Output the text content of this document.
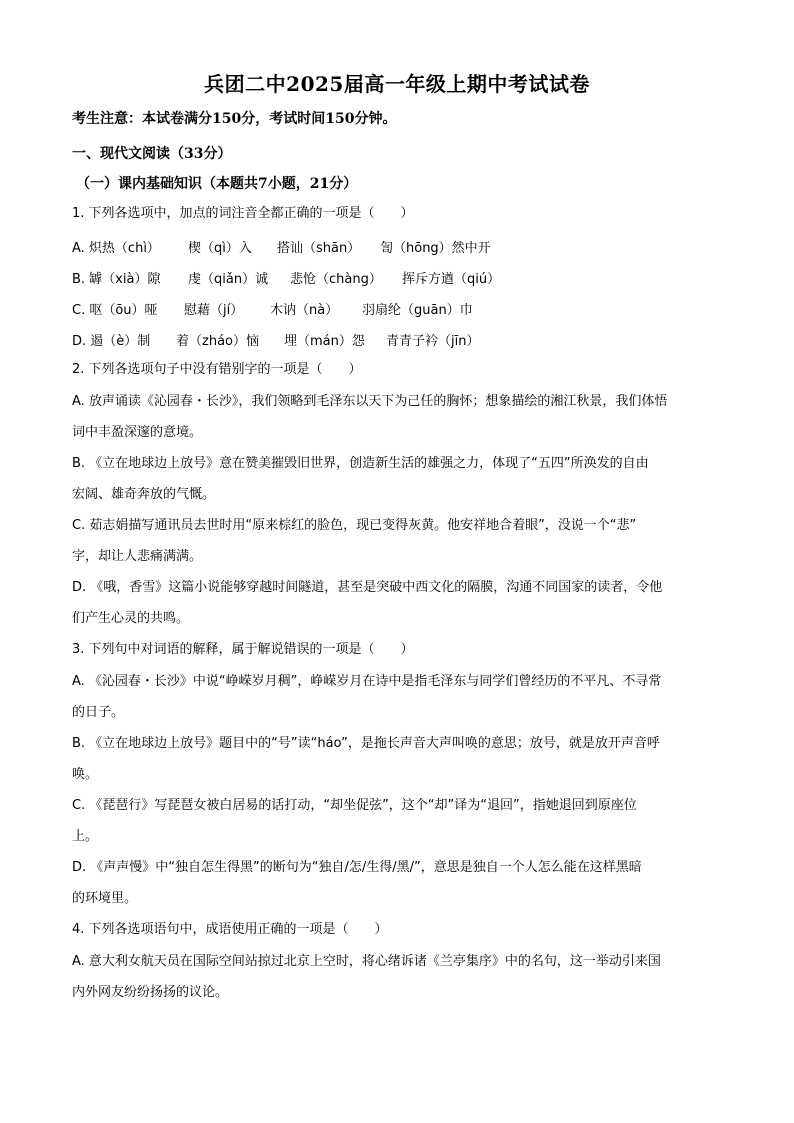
兵团二中2025届高一年级上期中考试试卷
考生注意：本试卷满分150分，考试时间150分钟。
一、现代文阅读（33分）
（一）课内基础知识（本题共7小题，21分）
1. 下列各选项中，加点的词注音全都正确的一项是（　　）
A. 炽热（chì） 楔（qì）入 搭讪（shān） 訇（hōng）然中开
B. 罅（xià）隙 虔（qiǎn）诚 悲怆（chàng） 挥斥方遒（qiú）
C. 呕（ōu）哑 慰藉（jí） 木讷（nà） 羽扇纶（guān）巾
D. 遏（è）制 着（zháo）恼 埋（mán）怨 青青子衿（jīn）
2. 下列各选项句子中没有错别字的一项是（　　）
A. 放声诵读《沁园春・长沙》，我们领略到毛泽东以天下为己任的胸怀；想象描绘的湘江秋景，我们体悟
词中丰盈深邃的意境。
B. 《立在地球边上放号》意在赞美摧毁旧世界，创造新生活的雄强之力，体现了“五四”所涣发的自由
宏阔、雄奇奔放的气慨。
C. 茹志娟描写通讯员去世时用“原来棕红的脸色，现已变得灰黄。他安祥地合着眼”，没说一个“悲”
字，却让人悲痛满满。
D. 《哦，香雪》这篇小说能够穿越时间隧道，甚至是突破中西文化的隔膜，沟通不同国家的读者，令他
们产生心灵的共鸣。
3. 下列句中对词语的解释，属于解说错误的一项是（　　）
A. 《沁园春・长沙》中说“峥嵘岁月稠”，峥嵘岁月在诗中是指毛泽东与同学们曾经历的不平凡、不寻常
的日子。
B. 《立在地球边上放号》题目中的“号”读“háo”，是拖长声音大声叫唤的意思；放号，就是放开声音呼
唤。
C. 《琵琶行》写琵琶女被白居易的话打动，“却坐促弦”，这个“却”译为“退回”，指她退回到原座位
上。
D. 《声声慢》中“独自怎生得黑”的断句为“独自/怎/生得/黑/”，意思是独自一个人怎么能在这样黑暗
的环境里。
4. 下列各选项语句中，成语使用正确的一项是（　　）
A. 意大利女航天员在国际空间站掠过北京上空时，将心绪诉诸《兰亭集序》中的名句，这一举动引来国
内外网友纷纷扬扬的议论。
